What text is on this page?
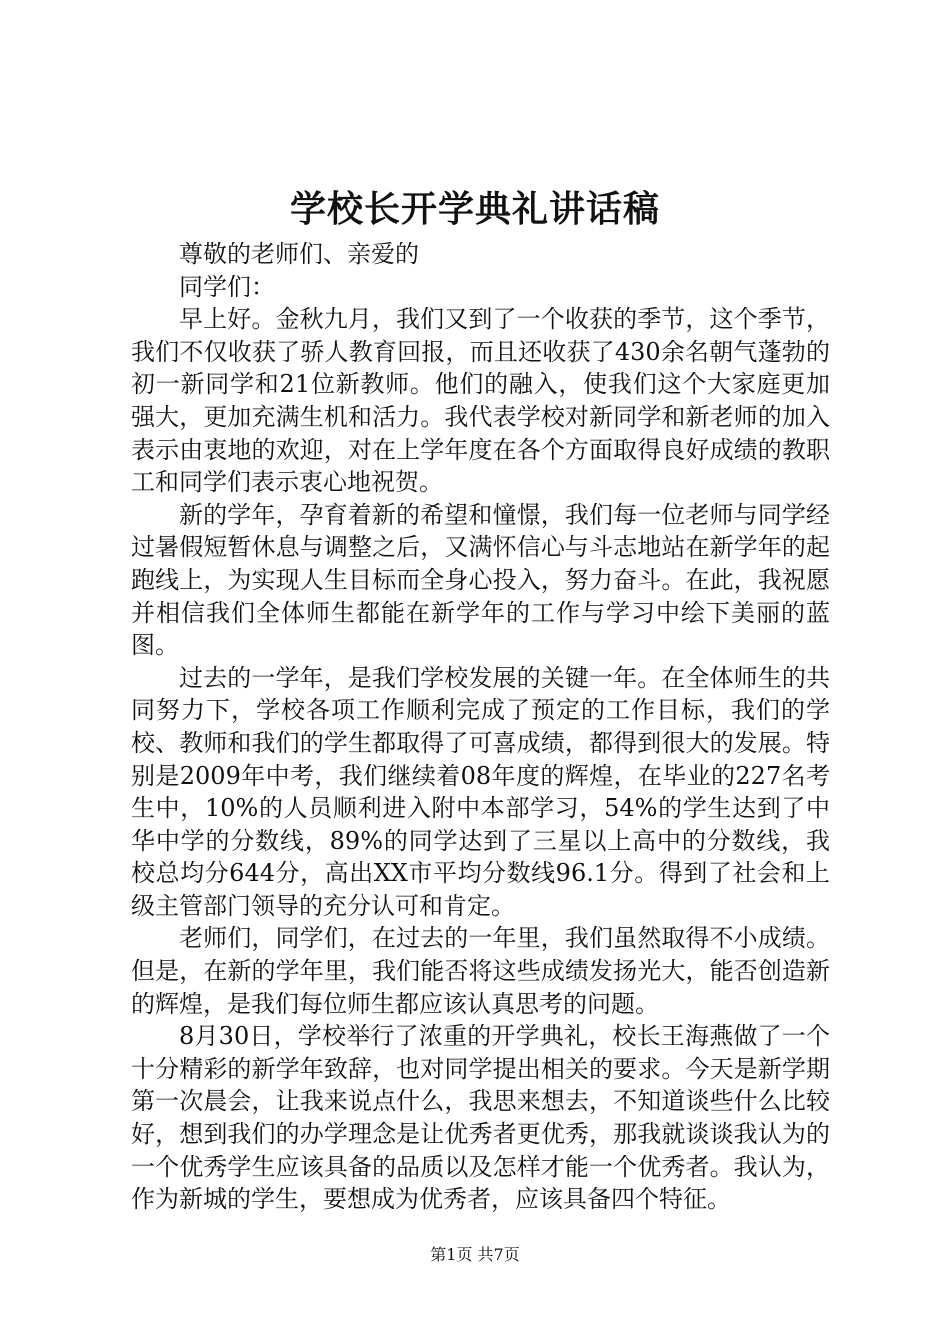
学校长开学典礼讲话稿

尊敬的老师们、亲爱的

同学们：

早上好。金秋九月，我们又到了一个收获的季节，这个季节，我们不仅收获了骄人教育回报，而且还收获了430余名朝气蓬勃的初一新同学和21位新教师。他们的融入，使我们这个大家庭更加强大，更加充满生机和活力。我代表学校对新同学和新老师的加入表示由衷地的欢迎，对在上学年度在各个方面取得良好成绩的教职工和同学们表示衷心地祝贺。

新的学年，孕育着新的希望和憧憬，我们每一位老师与同学经过暑假短暂休息与调整之后，又满怀信心与斗志地站在新学年的起跑线上，为实现人生目标而全身心投入，努力奋斗。在此，我祝愿并相信我们全体师生都能在新学年的工作与学习中绘下美丽的蓝图。

过去的一学年，是我们学校发展的关键一年。在全体师生的共同努力下，学校各项工作顺利完成了预定的工作目标，我们的学校、教师和我们的学生都取得了可喜成绩，都得到很大的发展。特别是2009年中考，我们继续着08年度的辉煌，在毕业的227名考生中，10%的人员顺利进入附中本部学习，54%的学生达到了中华中学的分数线，89%的同学达到了三星以上高中的分数线，我校总均分644分，高出XX市平均分数线96.1分。得到了社会和上级主管部门领导的充分认可和肯定。

老师们，同学们，在过去的一年里，我们虽然取得不小成绩。但是，在新的学年里，我们能否将这些成绩发扬光大，能否创造新的辉煌，是我们每位师生都应该认真思考的问题。

8月30日，学校举行了浓重的开学典礼，校长王海燕做了一个十分精彩的新学年致辞，也对同学提出相关的要求。今天是新学期第一次晨会，让我来说点什么，我思来想去，不知道谈些什么比较好，想到我们的办学理念是让优秀者更优秀，那我就谈谈我认为的一个优秀学生应该具备的品质以及怎样才能一个优秀者。我认为，作为新城的学生，要想成为优秀者，应该具备四个特征。

第1页 共7页
